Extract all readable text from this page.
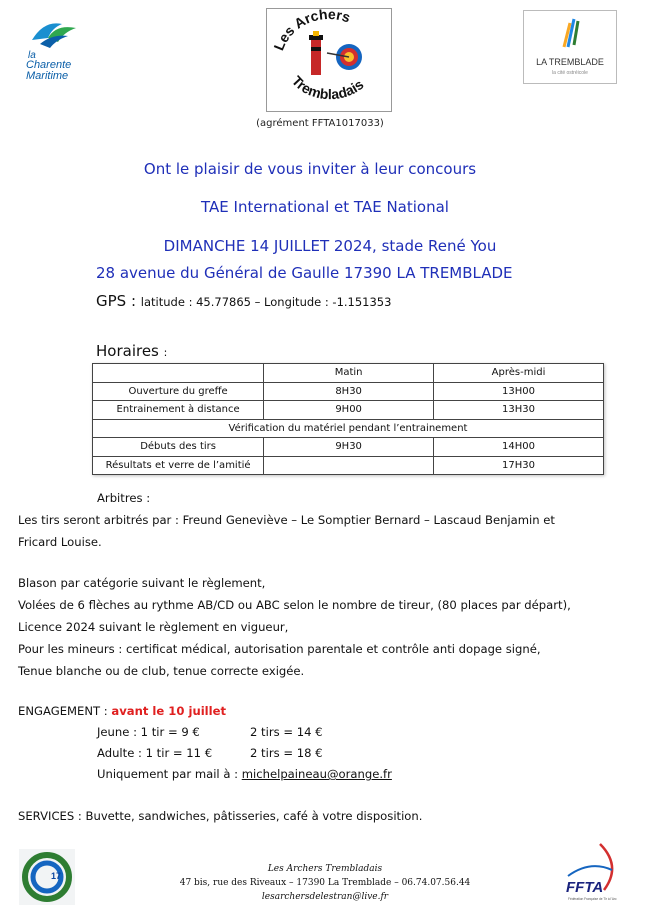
la
Charente
Maritime
Les Archers
Trembladais
LA TREMBLADE
la cité ostréicole
(agrément FFTA1017033)
Ont le plaisir de vous inviter à leur concours
TAE International et TAE National
DIMANCHE 14 JUILLET 2024, stade René You
28 avenue du Général de Gaulle 17390 LA TREMBLADE
GPS : latitude : 45.77865 – Longitude : -1.151353
Horaires :
	Matin	Après-midi
Ouverture du greffe	8H30	13H00
Entrainement à distance	9H00	13H30
Vérification du matériel pendant l’entrainement		
Débuts des tirs	9H30	14H00
Résultats et verre de l’amitié		17H30
Arbitres :
Les tirs seront arbitrés par : Freund Geneviève – Le Somptier Bernard – Lascaud Benjamin et
Fricard Louise.
Blason par catégorie suivant le règlement,
Volées de 6 flèches au rythme AB/CD ou ABC selon le nombre de tireur, (80 places par départ),
Licence 2024 suivant le règlement en vigueur,
Pour les mineurs : certificat médical, autorisation parentale et contrôle anti dopage signé,
Tenue blanche ou de club, tenue correcte exigée.
ENGAGEMENT : avant le 10 juillet
Jeune : 1 tir = 9 €	2 tirs = 14 €
Adulte : 1 tir = 11 €	2 tirs = 18 €
Uniquement par mail à : michelpaineau@orange.fr
SERVICES : Buvette, sandwiches, pâtisseries, café à votre disposition.
17
Les Archers Trembladais
47 bis, rue des Riveaux – 17390 La Tremblade – 06.74.07.56.44
lesarchersdelestran@live.fr
FFTA
Fédération Française de Tir à l'Arc
